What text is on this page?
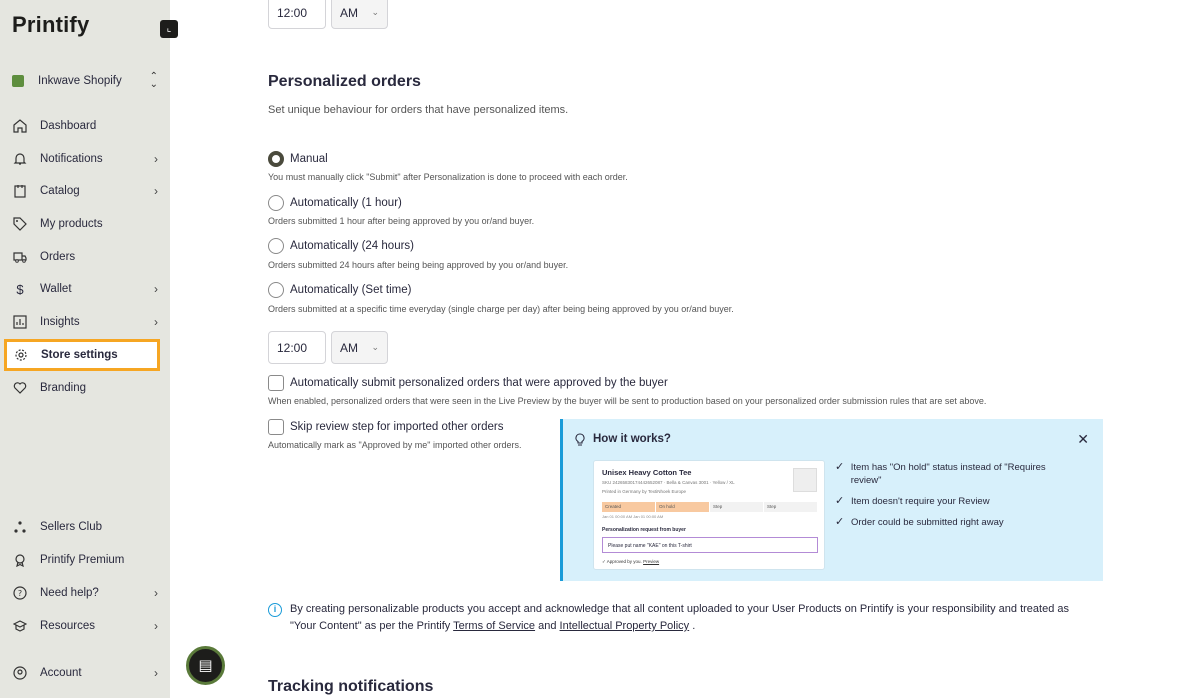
Printify
Inkwave Shopify	⌃
⌄
Dashboard
Notifications	›
Catalog	›
My products
Orders
$	Wallet	›
Insights	›
Store settings
Branding
Sellers Club
Printify Premium
? Need help?	›
Resources	›
Account	›
⌞
12:00	AM ⌄
Personalized orders
Set unique behaviour for orders that have personalized items.
Manual
You must manually click "Submit" after Personalization is done to proceed with each order.
Automatically (1 hour)
Orders submitted 1 hour after being approved by you or/and buyer.
Automatically (24 hours)
Orders submitted 24 hours after being being approved by you or/and buyer.
Automatically (Set time)
Orders submitted at a specific time everyday (single charge per day) after being being approved by you or/and buyer.
12:00	AM ⌄
Automatically submit personalized orders that were approved by the buyer
When enabled, personalized orders that were seen in the Live Preview by the buyer will be sent to production based on your personalized order submission rules that are set above.
Skip review step for imported other orders
Automatically mark as "Approved by me" imported other orders.	How it works?	✕
Unisex Heavy Cotton Tee
SKU 24265830174442652087 · Bella & Canvas 3001 · Yellow / XL
Printed in Germany by TextiNhoek Europe
Created	On hold	Step	Step
Jan 01 00:00 AM Jan 01 00:00 AM
Personalization request from buyer
Please put name "KAE" on this T-shirt
✓ Approved by you. Preview
✓ Item has "On hold" status instead of "Requires review"
✓ Item doesn't require your Review
✓ Order could be submitted right away
i	By creating personalizable products you accept and acknowledge that all content uploaded to your User Products on Printify is your responsibility and treated as "Your Content" as per the Printify Terms of Service and Intellectual Property Policy .
Tracking notifications
▤
